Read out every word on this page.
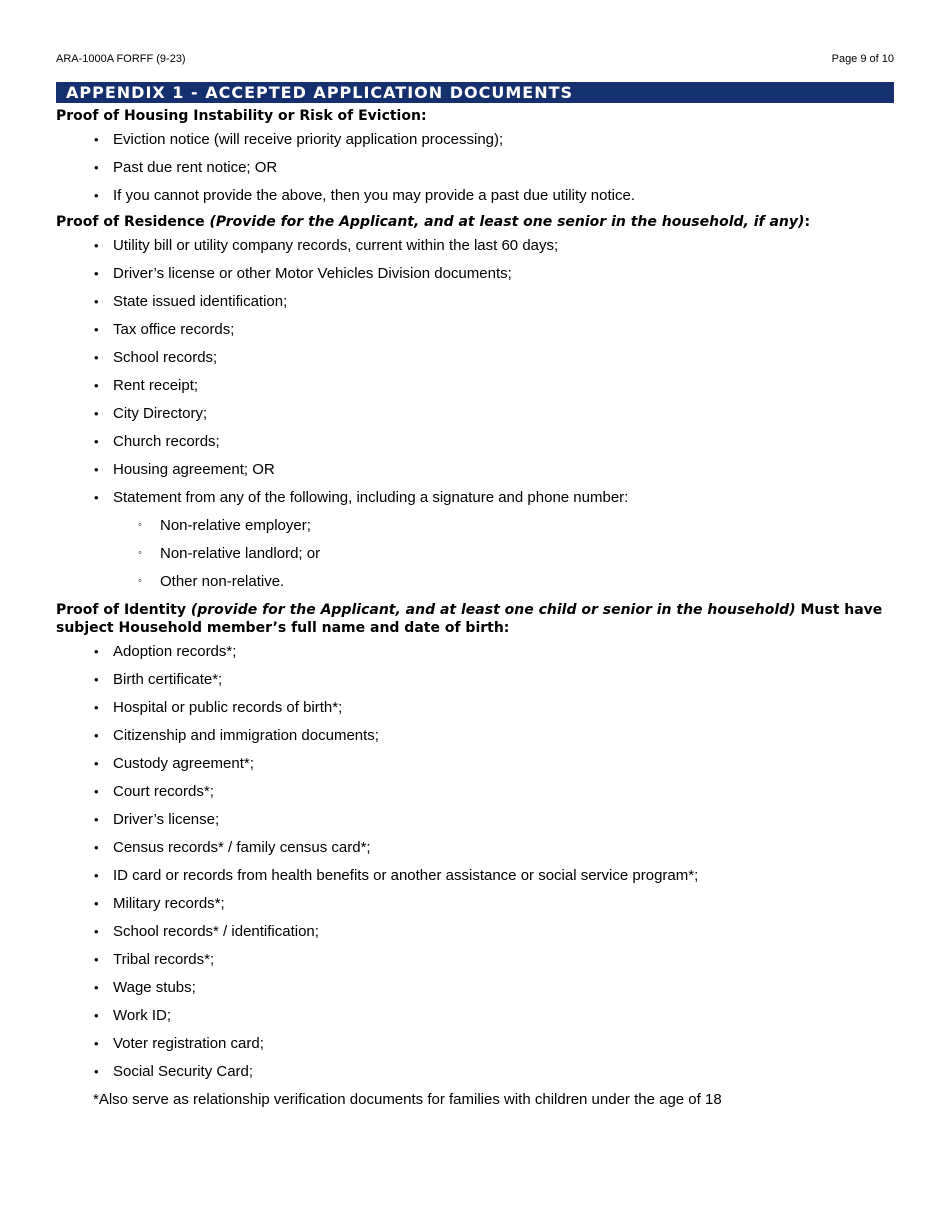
ARA-1000A FORFF (9-23)	Page 9 of 10
APPENDIX 1 - ACCEPTED APPLICATION DOCUMENTS

Proof of Housing Instability or Risk of Eviction:

• Eviction notice (will receive priority application processing);
• Past due rent notice; OR
• If you cannot provide the above, then you may provide a past due utility notice.

Proof of Residence (Provide for the Applicant, and at least one senior in the household, if any):

• Utility bill or utility company records, current within the last 60 days;
• Driver’s license or other Motor Vehicles Division documents;
• State issued identification;
• Tax office records;
• School records;
• Rent receipt;
• City Directory;
• Church records;
• Housing agreement; OR
• Statement from any of the following, including a signature and phone number:
◦ Non-relative employer;
◦ Non-relative landlord; or
◦ Other non-relative.

Proof of Identity (provide for the Applicant, and at least one child or senior in the household) Must have subject Household member’s full name and date of birth:

• Adoption records*;
• Birth certificate*;
• Hospital or public records of birth*;
• Citizenship and immigration documents;
• Custody agreement*;
• Court records*;
• Driver’s license;
• Census records* / family census card*;
• ID card or records from health benefits or another assistance or social service program*;
• Military records*;
• School records* / identification;
• Tribal records*;
• Wage stubs;
• Work ID;
• Voter registration card;
• Social Security Card;
*Also serve as relationship verification documents for families with children under the age of 18
